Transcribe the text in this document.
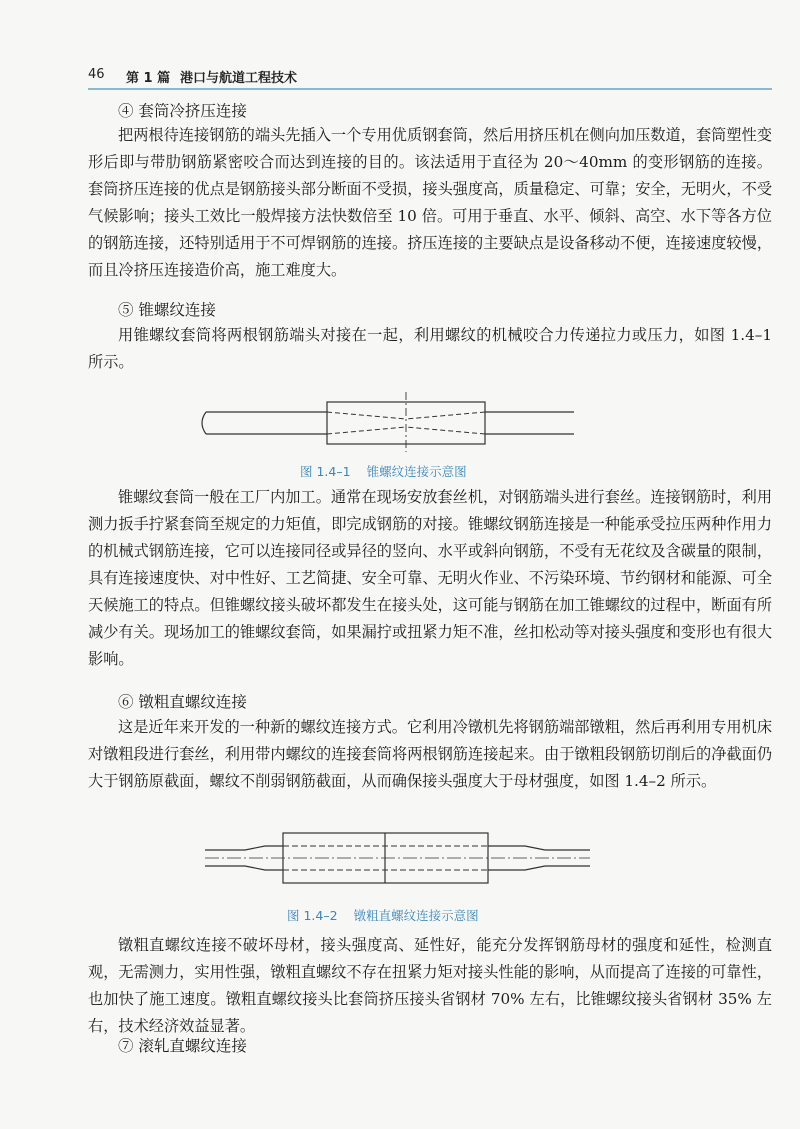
46 第 1 篇 港口与航道工程技术

④ 套筒冷挤压连接

把两根待连接钢筋的端头先插入一个专用优质钢套筒，然后用挤压机在侧向加压数道，套筒塑性变形后即与带肋钢筋紧密咬合而达到连接的目的。该法适用于直径为 20～40mm 的变形钢筋的连接。套筒挤压连接的优点是钢筋接头部分断面不受损，接头强度高，质量稳定、可靠；安全，无明火，不受气候影响；接头工效比一般焊接方法快数倍至 10 倍。可用于垂直、水平、倾斜、高空、水下等各方位的钢筋连接，还特别适用于不可焊钢筋的连接。挤压连接的主要缺点是设备移动不便，连接速度较慢，而且冷挤压连接造价高，施工难度大。

⑤ 锥螺纹连接

用锥螺纹套筒将两根钢筋端头对接在一起，利用螺纹的机械咬合力传递拉力或压力，如图 1.4–1 所示。

图 1.4–1 锥螺纹连接示意图

锥螺纹套筒一般在工厂内加工。通常在现场安放套丝机，对钢筋端头进行套丝。连接钢筋时，利用测力扳手拧紧套筒至规定的力矩值，即完成钢筋的对接。锥螺纹钢筋连接是一种能承受拉压两种作用力的机械式钢筋连接，它可以连接同径或异径的竖向、水平或斜向钢筋，不受有无花纹及含碳量的限制，具有连接速度快、对中性好、工艺简捷、安全可靠、无明火作业、不污染环境、节约钢材和能源、可全天候施工的特点。但锥螺纹接头破坏都发生在接头处，这可能与钢筋在加工锥螺纹的过程中，断面有所减少有关。现场加工的锥螺纹套筒，如果漏拧或扭紧力矩不准，丝扣松动等对接头强度和变形也有很大影响。

⑥ 镦粗直螺纹连接

这是近年来开发的一种新的螺纹连接方式。它利用冷镦机先将钢筋端部镦粗，然后再利用专用机床对镦粗段进行套丝，利用带内螺纹的连接套筒将两根钢筋连接起来。由于镦粗段钢筋切削后的净截面仍大于钢筋原截面，螺纹不削弱钢筋截面，从而确保接头强度大于母材强度，如图 1.4–2 所示。

图 1.4–2 镦粗直螺纹连接示意图

镦粗直螺纹连接不破坏母材，接头强度高、延性好，能充分发挥钢筋母材的强度和延性，检测直观，无需测力，实用性强，镦粗直螺纹不存在扭紧力矩对接头性能的影响，从而提高了连接的可靠性，也加快了施工速度。镦粗直螺纹接头比套筒挤压接头省钢材 70% 左右，比锥螺纹接头省钢材 35% 左右，技术经济效益显著。

⑦ 滚轧直螺纹连接
